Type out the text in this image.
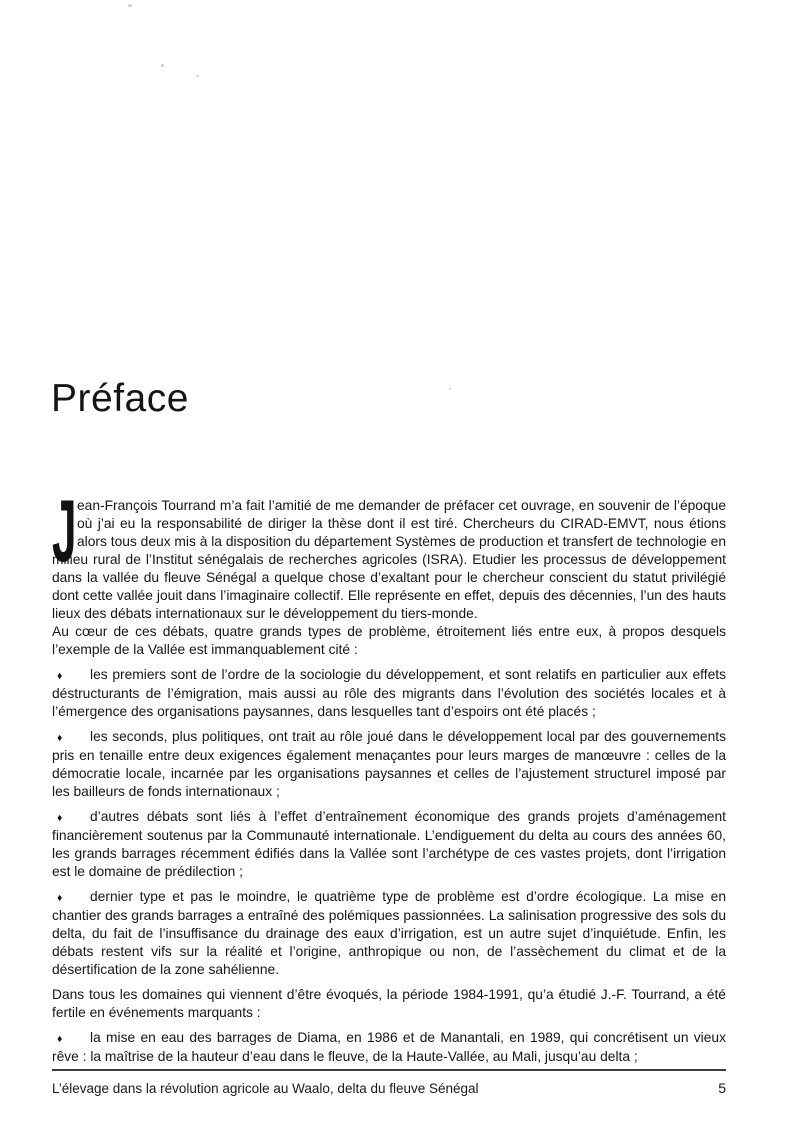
Préface

J ean-François Tourrand m’a fait l’amitié de me demander de préfacer cet ouvrage, en souvenir de l’époque où j’ai eu la responsabilité de diriger la thèse dont il est tiré. Chercheurs du CIRAD-EMVT, nous étions alors tous deux mis à la disposition du département Systèmes de production et transfert de technologie en milieu rural de l’Institut sénégalais de recherches agricoles (ISRA). Etudier les processus de développement dans la vallée du fleuve Sénégal a quelque chose d’exaltant pour le chercheur conscient du statut privilégié dont cette vallée jouit dans l’imaginaire collectif. Elle représente en effet, depuis des décennies, l’un des hauts lieux des débats internationaux sur le développement du tiers-monde.

Au cœur de ces débats, quatre grands types de problème, étroitement liés entre eux, à propos desquels l’exemple de la Vallée est immanquablement cité :

♦ les premiers sont de l’ordre de la sociologie du développement, et sont relatifs en particulier aux effets déstructurants de l’émigration, mais aussi au rôle des migrants dans l’évolution des sociétés locales et à l’émergence des organisations paysannes, dans lesquelles tant d’espoirs ont été placés ;

♦ les seconds, plus politiques, ont trait au rôle joué dans le développement local par des gouvernements pris en tenaille entre deux exigences également menaçantes pour leurs marges de manœuvre : celles de la démocratie locale, incarnée par les organisations paysannes et celles de l’ajustement structurel imposé par les bailleurs de fonds internationaux ;

♦ d’autres débats sont liés à l’effet d’entraînement économique des grands projets d’aménagement financièrement soutenus par la Communauté internationale. L’endiguement du delta au cours des années 60, les grands barrages récemment édifiés dans la Vallée sont l’archétype de ces vastes projets, dont l’irrigation est le domaine de prédilection ;

♦ dernier type et pas le moindre, le quatrième type de problème est d’ordre écologique. La mise en chantier des grands barrages a entraîné des polémiques passionnées. La salinisation progressive des sols du delta, du fait de l’insuffisance du drainage des eaux d’irrigation, est un autre sujet d’inquiétude. Enfin, les débats restent vifs sur la réalité et l’origine, anthropique ou non, de l’assèchement du climat et de la désertification de la zone sahélienne.

Dans tous les domaines qui viennent d’être évoqués, la période 1984-1991, qu’a étudié J.-F. Tourrand, a été fertile en événements marquants :

♦ la mise en eau des barrages de Diama, en 1986 et de Manantali, en 1989, qui concrétisent un vieux rêve : la maîtrise de la hauteur d’eau dans le fleuve, de la Haute-Vallée, au Mali, jusqu’au delta ;

L’élevage dans la révolution agricole au Waalo, delta du fleuve Sénégal	5
